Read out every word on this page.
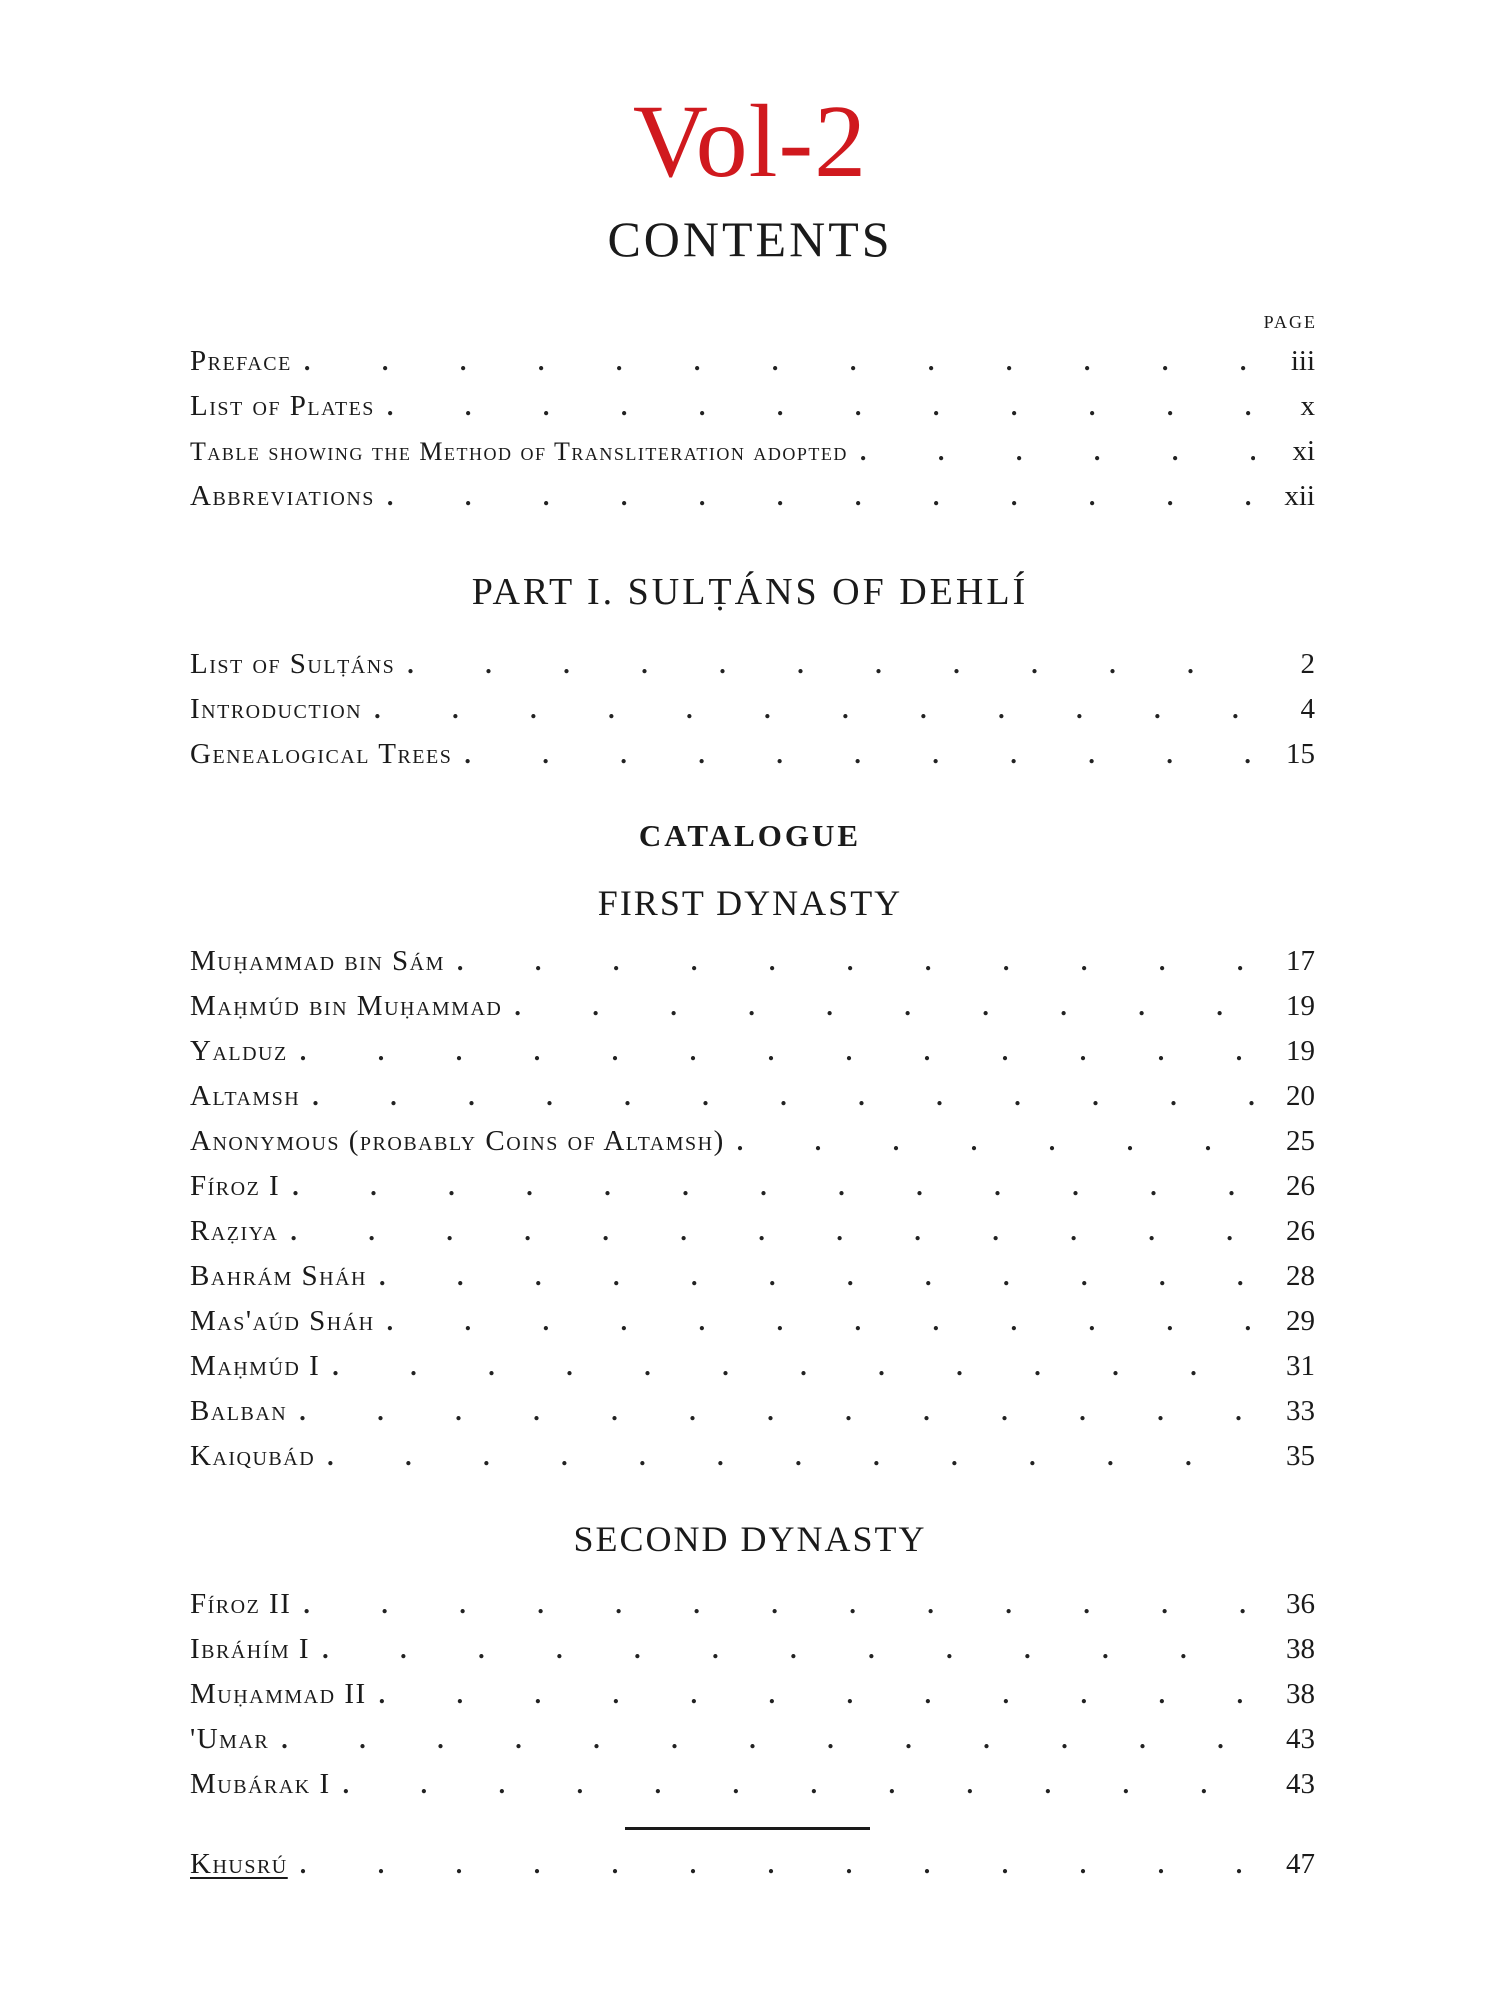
Vol-2
CONTENTS
PAGE
Preface .	iii
List of Plates .	x
Table showing the Method of Transliteration adopted .	xi
Abbreviations .	xii
PART I. SULṬÁNS OF DEHLÍ
List of Sulṭáns .	2
Introduction .	4
Genealogical Trees .	15
CATALOGUE
FIRST DYNASTY
Muḥammad bin Sám .	17
Maḥmúd bin Muḥammad .	19
Yalduz .	19
Altamsh .	20
Anonymous (probably Coins of Altamsh) .	25
Fíroz I .	26
Raẓiya .	26
Bahrám Sháh .	28
Mas'aúd Sháh .	29
Maḥmúd I .	31
Balban .	33
Kaiqubád .	35
SECOND DYNASTY
Fíroz II .	36
Ibráhím I .	38
Muḥammad II .	38
'Umar .	43
Mubárak I .	43
Khusrú .	47
